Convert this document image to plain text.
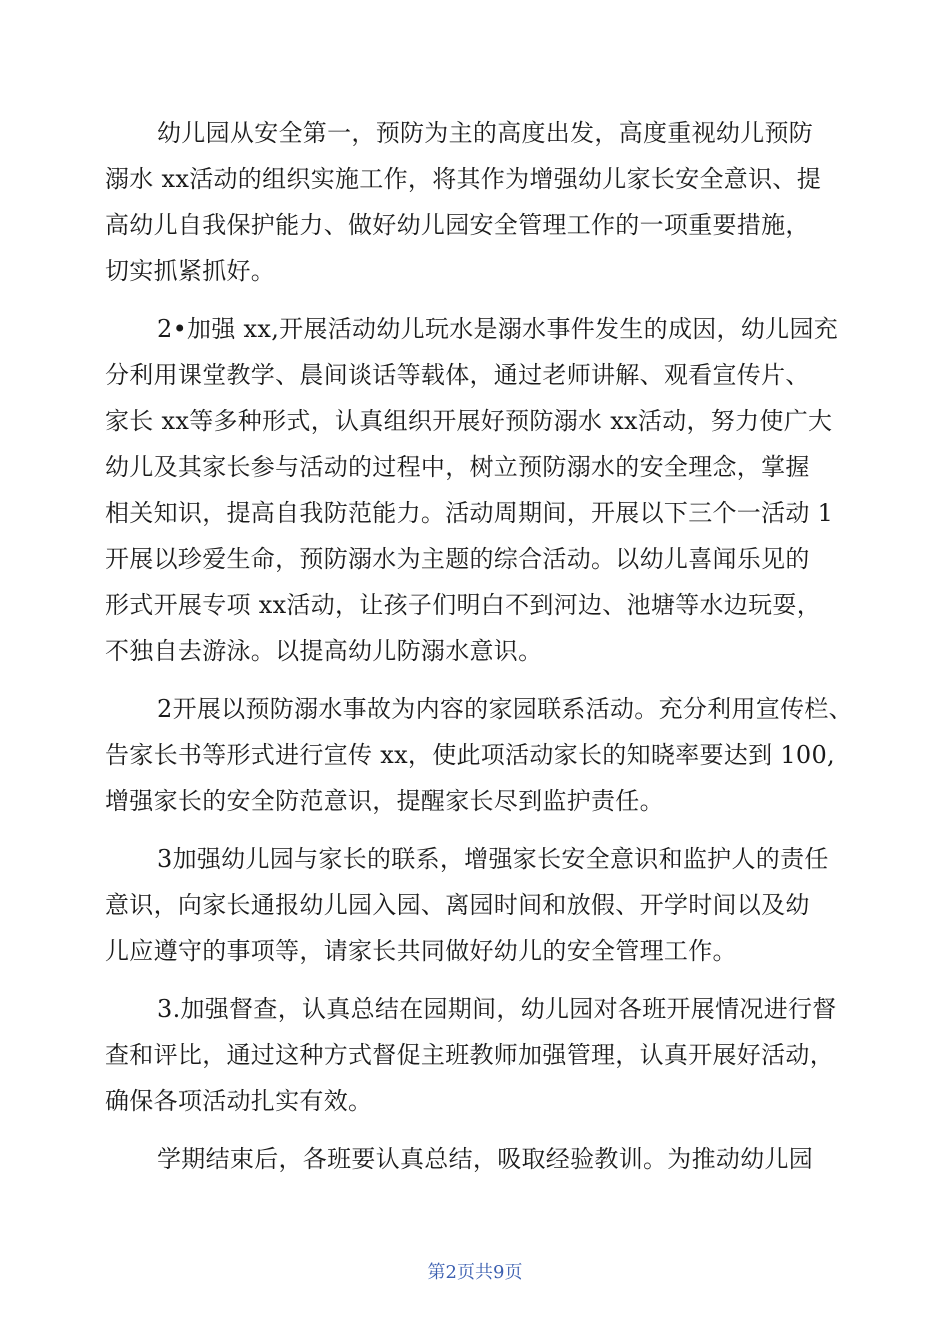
幼儿园从安全第一，预防为主的高度出发，高度重视幼儿预防
溺水 xx活动的组织实施工作，将其作为增强幼儿家长安全意识、提
高幼儿自我保护能力、做好幼儿园安全管理工作的一项重要措施，
切实抓紧抓好。

2•加强 xx,开展活动幼儿玩水是溺水事件发生的成因，幼儿园充
分利用课堂教学、晨间谈话等载体，通过老师讲解、观看宣传片、
家长 xx等多种形式，认真组织开展好预防溺水 xx活动，努力使广大
幼儿及其家长参与活动的过程中，树立预防溺水的安全理念，掌握
相关知识，提高自我防范能力。活动周期间，开展以下三个一活动 1
开展以珍爱生命，预防溺水为主题的综合活动。以幼儿喜闻乐见的
形式开展专项 xx活动，让孩子们明白不到河边、池塘等水边玩耍，
不独自去游泳。以提高幼儿防溺水意识。

2开展以预防溺水事故为内容的家园联系活动。充分利用宣传栏、
告家长书等形式进行宣传 xx，使此项活动家长的知晓率要达到 100,
增强家长的安全防范意识，提醒家长尽到监护责任。

3加强幼儿园与家长的联系，增强家长安全意识和监护人的责任
意识，向家长通报幼儿园入园、离园时间和放假、开学时间以及幼
儿应遵守的事项等，请家长共同做好幼儿的安全管理工作。

3.加强督查，认真总结在园期间，幼儿园对各班开展情况进行督
查和评比，通过这种方式督促主班教师加强管理，认真开展好活动，
确保各项活动扎实有效。

学期结束后，各班要认真总结，吸取经验教训。为推动幼儿园

第2页共9页
